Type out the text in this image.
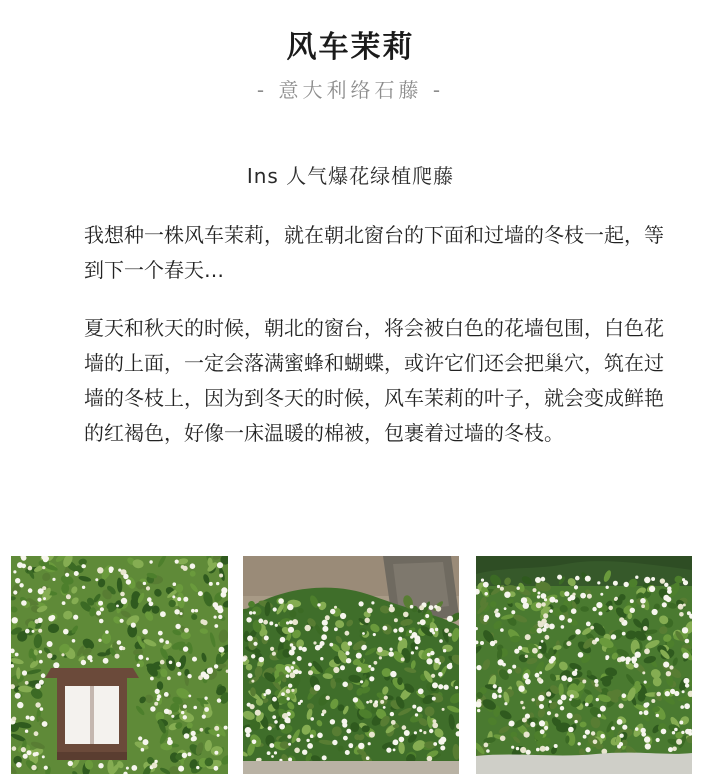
风车茉莉
- 意大利络石藤 -
Ins 人气爆花绿植爬藤

我想种一株风车茉莉，就在朝北窗台的下面和过墙的冬枝一起，等到下一个春天…

夏天和秋天的时候，朝北的窗台，将会被白色的花墙包围，白色花墙的上面，一定会落满蜜蜂和蝴蝶，或许它们还会把巢穴，筑在过墙的冬枝上，因为到冬天的时候，风车茉莉的叶子，就会变成鲜艳的红褐色，好像一床温暖的棉被，包裹着过墙的冬枝。
